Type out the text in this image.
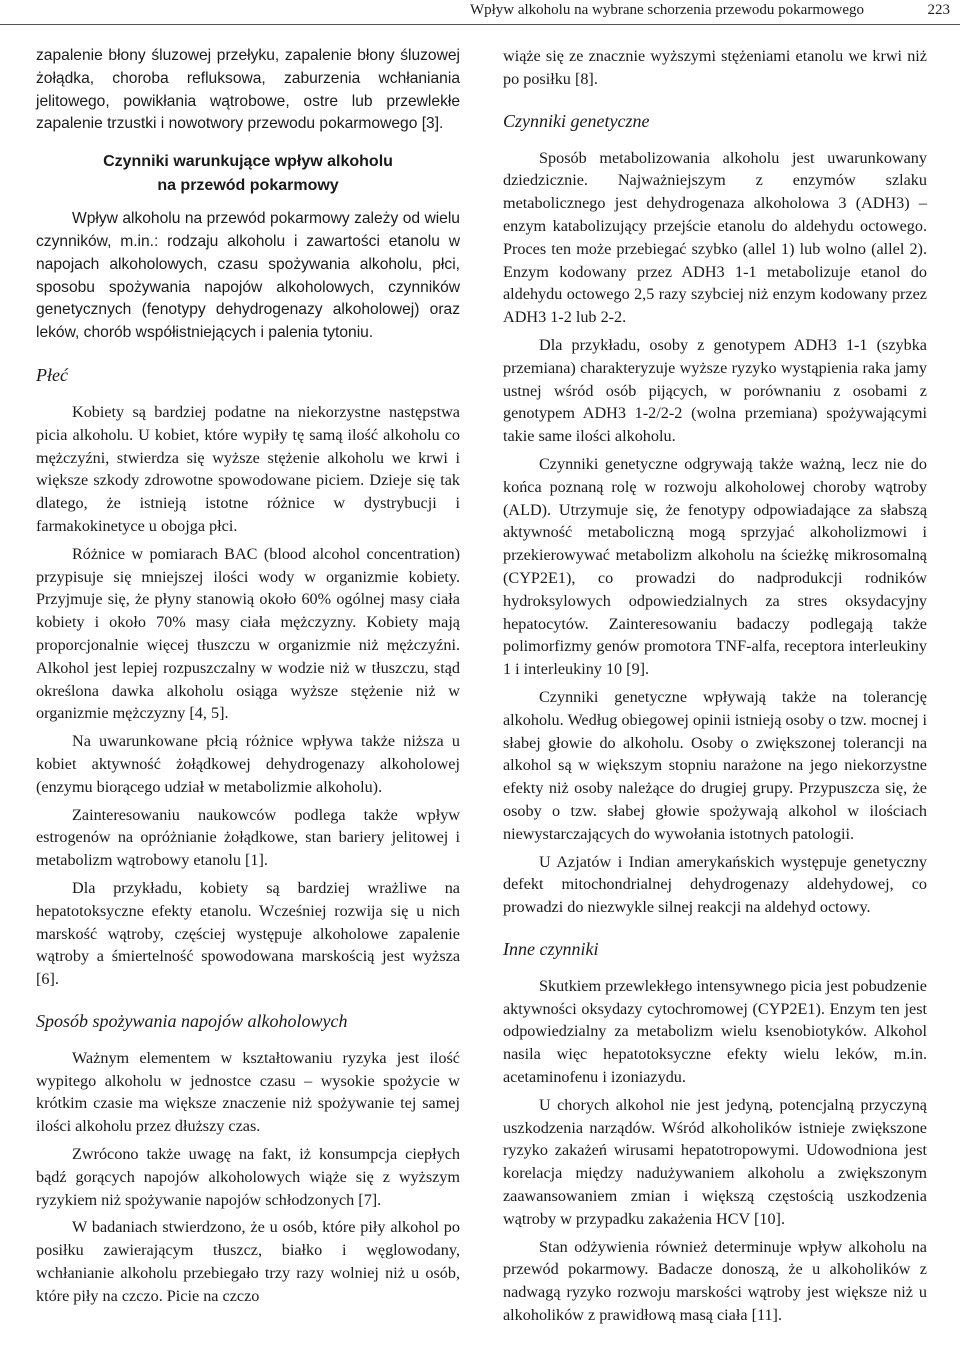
Wpływ alkoholu na wybrane schorzenia przewodu pokarmowego	223

zapalenie błony śluzowej przełyku, zapalenie błony śluzowej żołądka, choroba refluksowa, zaburzenia wchłaniania jelitowego, powikłania wątrobowe, ostre lub przewlekłe zapalenie trzustki i nowotwory przewodu pokarmowego [3].

Czynniki warunkujące wpływ alkoholu
na przewód pokarmowy

Wpływ alkoholu na przewód pokarmowy zależy od wielu czynników, m.in.: rodzaju alkoholu i zawartości etanolu w napojach alkoholowych, czasu spożywania alkoholu, płci, sposobu spożywania napojów alkoholowych, czynników genetycznych (fenotypy dehydrogenazy alkoholowej) oraz leków, chorób współistniejących i palenia tytoniu.

Płeć

Kobiety są bardziej podatne na niekorzystne następstwa picia alkoholu. U kobiet, które wypiły tę samą ilość alkoholu co mężczyźni, stwierdza się wyższe stężenie alkoholu we krwi i większe szkody zdrowotne spowodowane piciem. Dzieje się tak dlatego, że istnieją istotne różnice w dystrybucji i farmakokinetyce u obojga płci.

Różnice w pomiarach BAC (blood alcohol concentration) przypisuje się mniejszej ilości wody w organizmie kobiety. Przyjmuje się, że płyny stanowią około 60% ogólnej masy ciała kobiety i około 70% masy ciała mężczyzny. Kobiety mają proporcjonalnie więcej tłuszczu w organizmie niż mężczyźni. Alkohol jest lepiej rozpuszczalny w wodzie niż w tłuszczu, stąd określona dawka alkoholu osiąga wyższe stężenie niż w organizmie mężczyzny [4, 5].

Na uwarunkowane płcią różnice wpływa także niższa u kobiet aktywność żołądkowej dehydrogenazy alkoholowej (enzymu biorącego udział w metabolizmie alkoholu).

Zainteresowaniu naukowców podlega także wpływ estrogenów na opróżnianie żołądkowe, stan bariery jelitowej i metabolizm wątrobowy etanolu [1].

Dla przykładu, kobiety są bardziej wrażliwe na hepatotoksyczne efekty etanolu. Wcześniej rozwija się u nich marskość wątroby, częściej występuje alkoholowe zapalenie wątroby a śmiertelność spowodowana marskością jest wyższa [6].

Sposób spożywania napojów alkoholowych

Ważnym elementem w kształtowaniu ryzyka jest ilość wypitego alkoholu w jednostce czasu – wysokie spożycie w krótkim czasie ma większe znaczenie niż spożywanie tej samej ilości alkoholu przez dłuższy czas.

Zwrócono także uwagę na fakt, iż konsumpcja ciepłych bądź gorących napojów alkoholowych wiąże się z wyższym ryzykiem niż spożywanie napojów schłodzonych [7].

W badaniach stwierdzono, że u osób, które piły alkohol po posiłku zawierającym tłuszcz, białko i węglowodany, wchłanianie alkoholu przebiegało trzy razy wolniej niż u osób, które piły na czczo. Picie na czczo

wiąże się ze znacznie wyższymi stężeniami etanolu we krwi niż po posiłku [8].

Czynniki genetyczne

Sposób metabolizowania alkoholu jest uwarunkowany dziedzicznie. Najważniejszym z enzymów szlaku metabolicznego jest dehydrogenaza alkoholowa 3 (ADH3) – enzym katabolizujący przejście etanolu do aldehydu octowego. Proces ten może przebiegać szybko (allel 1) lub wolno (allel 2). Enzym kodowany przez ADH3 1-1 metabolizuje etanol do aldehydu octowego 2,5 razy szybciej niż enzym kodowany przez ADH3 1-2 lub 2-2.

Dla przykładu, osoby z genotypem ADH3 1-1 (szybka przemiana) charakteryzuje wyższe ryzyko wystąpienia raka jamy ustnej wśród osób pijących, w porównaniu z osobami z genotypem ADH3 1-2/2-2 (wolna przemiana) spożywającymi takie same ilości alkoholu.

Czynniki genetyczne odgrywają także ważną, lecz nie do końca poznaną rolę w rozwoju alkoholowej choroby wątroby (ALD). Utrzymuje się, że fenotypy odpowiadające za słabszą aktywność metaboliczną mogą sprzyjać alkoholizmowi i przekierowywać metabolizm alkoholu na ścieżkę mikrosomalną (CYP2E1), co prowadzi do nadprodukcji rodników hydroksylowych odpowiedzialnych za stres oksydacyjny hepatocytów. Zainteresowaniu badaczy podlegają także polimorfizmy genów promotora TNF-alfa, receptora interleukiny 1 i interleukiny 10 [9].

Czynniki genetyczne wpływają także na tolerancję alkoholu. Według obiegowej opinii istnieją osoby o tzw. mocnej i słabej głowie do alkoholu. Osoby o zwiększonej tolerancji na alkohol są w większym stopniu narażone na jego niekorzystne efekty niż osoby należące do drugiej grupy. Przypuszcza się, że osoby o tzw. słabej głowie spożywają alkohol w ilościach niewystarczających do wywołania istotnych patologii.

U Azjatów i Indian amerykańskich występuje genetyczny defekt mitochondrialnej dehydrogenazy aldehydowej, co prowadzi do niezwykle silnej reakcji na aldehyd octowy.

Inne czynniki

Skutkiem przewlekłego intensywnego picia jest pobudzenie aktywności oksydazy cytochromowej (CYP2E1). Enzym ten jest odpowiedzialny za metabolizm wielu ksenobiotyków. Alkohol nasila więc hepatotoksyczne efekty wielu leków, m.in. acetaminofenu i izoniazydu.

U chorych alkohol nie jest jedyną, potencjalną przyczyną uszkodzenia narządów. Wśród alkoholików istnieje zwiększone ryzyko zakażeń wirusami hepatotropowymi. Udowodniona jest korelacja między nadużywaniem alkoholu a zwiększonym zaawansowaniem zmian i większą częstością uszkodzenia wątroby w przypadku zakażenia HCV [10].

Stan odżywienia również determinuje wpływ alkoholu na przewód pokarmowy. Badacze donoszą, że u alkoholików z nadwagą ryzyko rozwoju marskości wątroby jest większe niż u alkoholików z prawidłową masą ciała [11].
